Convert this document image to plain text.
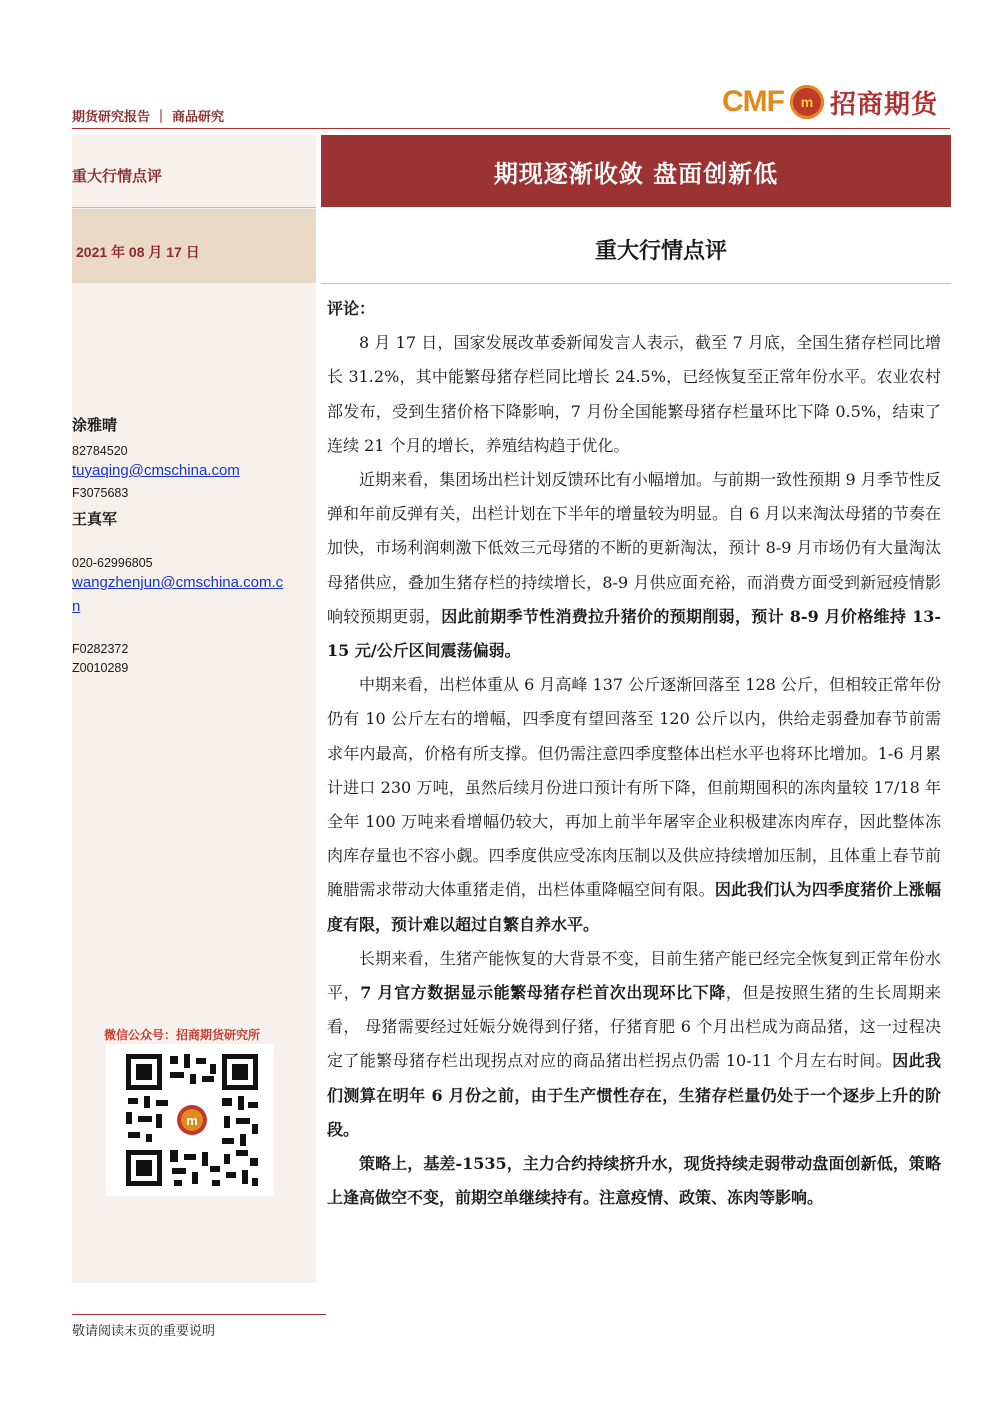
期货研究报告 ｜ 商品研究	CMF	m 招商期货
重大行情点评
2021 年 08 月 17 日
期现逐渐收敛 盘面创新低
重大行情点评
涂雅晴
82784520
tuyaqing@cmschina.com
F3075683
王真军
020-62996805
wangzhenjun@cmschina.com.c
n
F0282372
Z0010289
微信公众号：招商期货研究所
m

评论：

8 月 17 日，国家发展改革委新闻发言人表示，截至 7 月底，全国生猪存栏同比增长 31.2%，其中能繁母猪存栏同比增长 24.5%，已经恢复至正常年份水平。农业农村部发布，受到生猪价格下降影响，7 月份全国能繁母猪存栏量环比下降 0.5%，结束了连续 21 个月的增长，养殖结构趋于优化。

近期来看，集团场出栏计划反馈环比有小幅增加。与前期一致性预期 9 月季节性反弹和年前反弹有关，出栏计划在下半年的增量较为明显。自 6 月以来淘汰母猪的节奏在加快，市场利润刺激下低效三元母猪的不断的更新淘汰，预计 8-9 月市场仍有大量淘汰母猪供应，叠加生猪存栏的持续增长，8-9 月供应面充裕，而消费方面受到新冠疫情影响较预期更弱，因此前期季节性消费拉升猪价的预期削弱，预计 8-9 月价格维持 13-15 元/公斤区间震荡偏弱。

中期来看，出栏体重从 6 月高峰 137 公斤逐渐回落至 128 公斤，但相较正常年份仍有 10 公斤左右的增幅，四季度有望回落至 120 公斤以内，供给走弱叠加春节前需求年内最高，价格有所支撑。但仍需注意四季度整体出栏水平也将环比增加。1-6 月累计进口 230 万吨，虽然后续月份进口预计有所下降，但前期囤积的冻肉量较 17/18 年全年 100 万吨来看增幅仍较大，再加上前半年屠宰企业积极建冻肉库存，因此整体冻肉库存量也不容小觑。四季度供应受冻肉压制以及供应持续增加压制，且体重上春节前腌腊需求带动大体重猪走俏，出栏体重降幅空间有限。因此我们认为四季度猪价上涨幅度有限，预计难以超过自繁自养水平。

长期来看，生猪产能恢复的大背景不变，目前生猪产能已经完全恢复到正常年份水平，7 月官方数据显示能繁母猪存栏首次出现环比下降，但是按照生猪的生长周期来看， 母猪需要经过妊娠分娩得到仔猪，仔猪育肥 6 个月出栏成为商品猪，这一过程决定了能繁母猪存栏出现拐点对应的商品猪出栏拐点仍需 10-11 个月左右时间。因此我们测算在明年 6 月份之前，由于生产惯性存在，生猪存栏量仍处于一个逐步上升的阶段。

策略上，基差-1535，主力合约持续挤升水，现货持续走弱带动盘面创新低，策略上逢高做空不变，前期空单继续持有。注意疫情、政策、冻肉等影响。

敬请阅读末页的重要说明
